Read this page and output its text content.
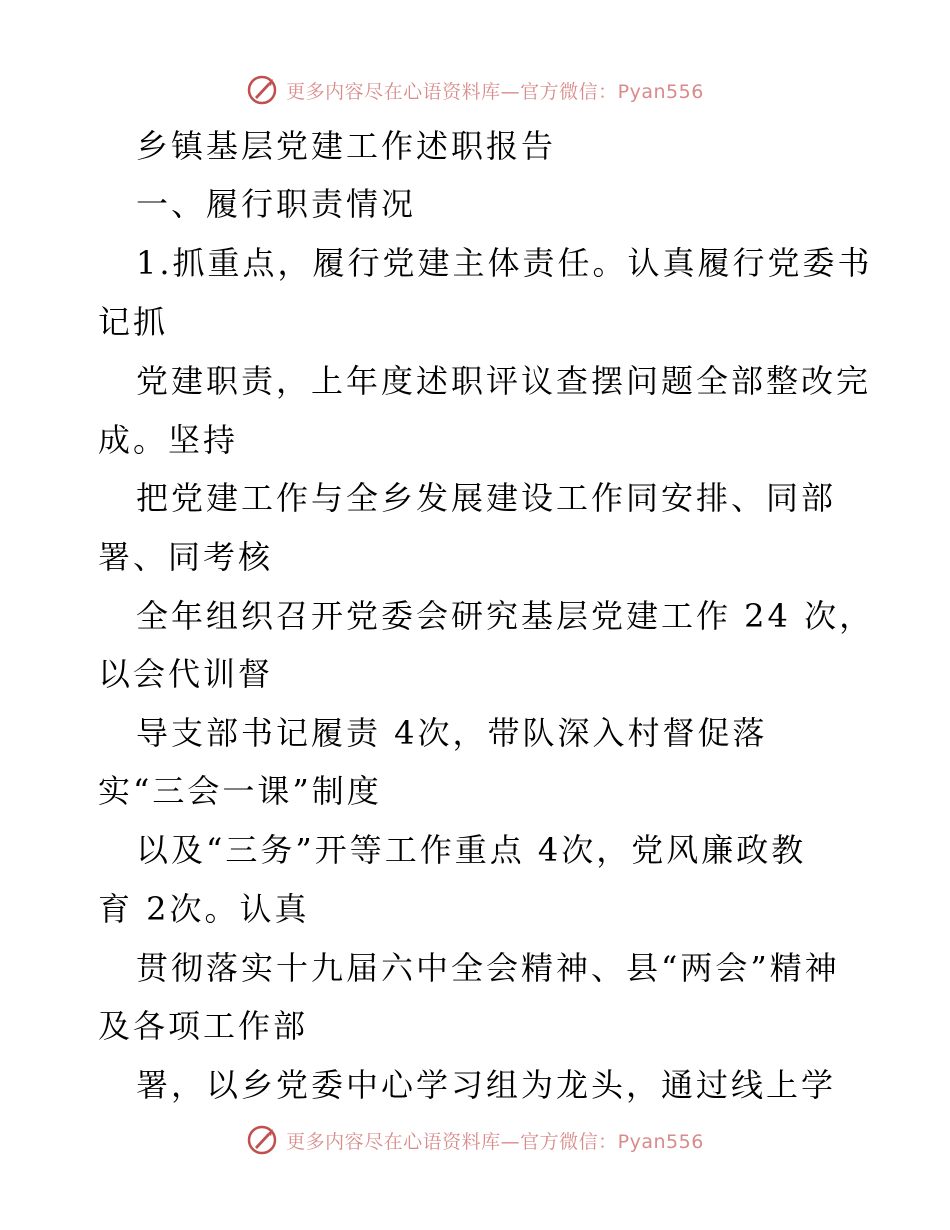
更多内容尽在心语资料库—官方微信：Pyan556
乡镇基层党建工作述职报告
一、履行职责情况
1.抓重点，履行党建主体责任。认真履行党委书
记抓
党建职责，上年度述职评议查摆问题全部整改完
成。坚持
把党建工作与全乡发展建设工作同安排、同部
署、同考核
全年组织召开党委会研究基层党建工作 24 次，
以会代训督
导支部书记履责 4次，带队深入村督促落
实“三会一课”制度
以及“三务”开等工作重点 4次，党风廉政教
育 2次。认真
贯彻落实十九届六中全会精神、县“两会”精神
及各项工作部
署，以乡党委中心学习组为龙头，通过线上学
更多内容尽在心语资料库—官方微信：Pyan556
